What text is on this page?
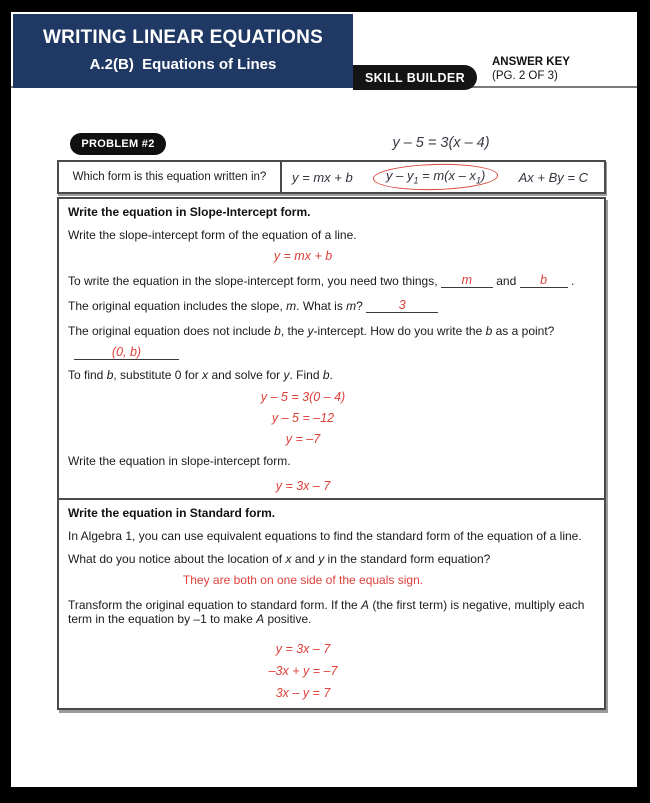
WRITING LINEAR EQUATIONS
A.2(B)  Equations of Lines
SKILL BUILDER
ANSWER KEY
(PG. 2 OF 3)
PROBLEM #2	y – 5 = 3(x – 4)
Which form is this equation written in?	y = mx + b	$y - y_1 = m(x - x_1)$	Ax + By = C

Write the equation in Slope-Intercept form.

Write the slope-intercept form of the equation of a line.

y = mx + b

To write the equation in the slope-intercept form, you need two things, m and b .

The original equation includes the slope, m. What is m?	3

The original equation does not include b, the y-intercept. How do you write the b as a point?

(0, b)

To find b, substitute 0 for x and solve for y. Find b.

y – 5 = 3(0 – 4)

y – 5 = –12

y = –7

Write the equation in slope-intercept form.

y = 3x – 7

Write the equation in Standard form.

In Algebra 1, you can use equivalent equations to find the standard form of the equation of a line.

What do you notice about the location of x and y in the standard form equation?

They are both on one side of the equals sign.

Transform the original equation to standard form. If the A (the first term) is negative, multiply each term in the equation by –1 to make A positive.

y = 3x – 7

–3x + y = –7

3x – y = 7
